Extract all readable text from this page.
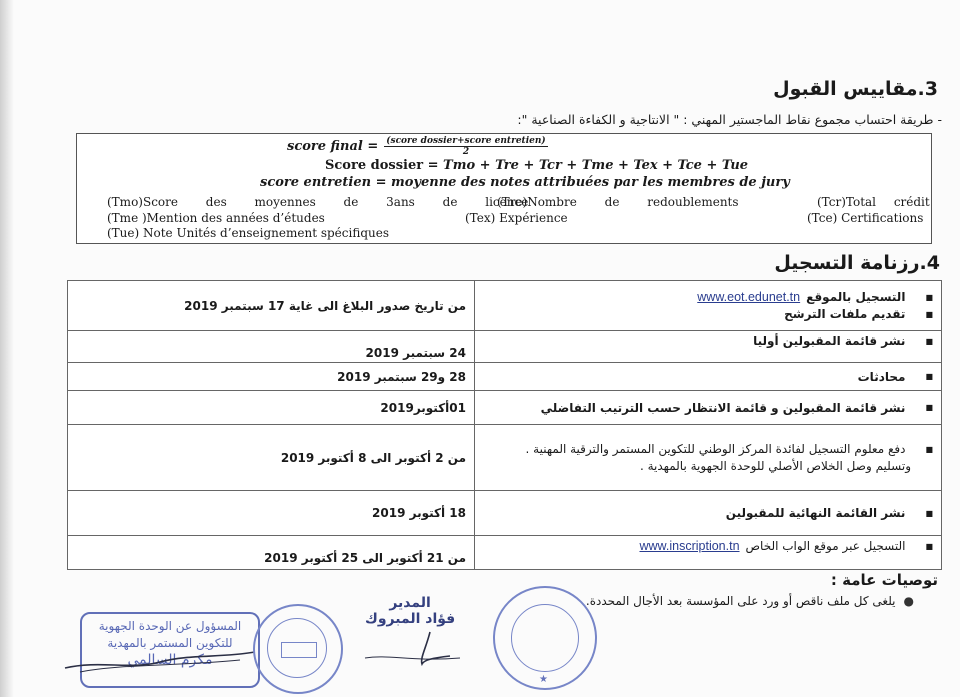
3.مقاييس القبول
- طريقة احتساب مجموع نقاط الماجستير المهني : " الانتاجية و الكفاءة الصناعية ":
score final = $\frac{\text{(score dossier+score entretien)}}{2}$
Score dossier = Tmo + Tre + Tcr + Tme + Tex + Tce + Tue
score entretien = moyenne des notes attribuées par les membres de jury
(Tmo)Score des moyennes de 3ans de licence
(Tre)Nombre de redoublements	(Tcr)Total crédit
(Tme )Mention des années d’études	(Tex) Expérience	(Tce) Certifications
(Tue) Note Unités d’enseignement spécifiques
4.رزنامة التسجيل
من تاريخ صدور البلاغ الى غاية 17 سبتمبر 2019	■
التسجيل بالموقع
www.eot.edunet.tn
■
تقديم ملفات الترشح

24 سبتمبر 2019	■
نشر قائمة المقبولين أوليا

28 و29 سبتمبر 2019	■
محادثات

01أكتوبر2019	■
نشر قائمة المقبولين و قائمة الانتظار حسب الترتيب التفاضلي

من 2 أكتوبر الى 8 أكتوبر 2019	■
دفع معلوم التسجيل لفائدة المركز الوطني للتكوين المستمر والترقية المهنية .
وتسليم وصل الخلاص الأصلي للوحدة الجهوية بالمهدية .

18 أكتوبر 2019	■
نشر القائمة النهائية للمقبولين

من 21 أكتوبر الى 25 أكتوبر 2019	■
التسجيل عبر موقع الواب الخاص
www.inscription.tn
توصيات عامة :
●يلغى كل ملف ناقص أو ورد على المؤسسة بعد الأجال المحددة.
المسؤول عن الوحدة الجهوية
للتكوين المستمر بالمهدية
مكرم السالمي
المدير
فؤاد المبروك
★
